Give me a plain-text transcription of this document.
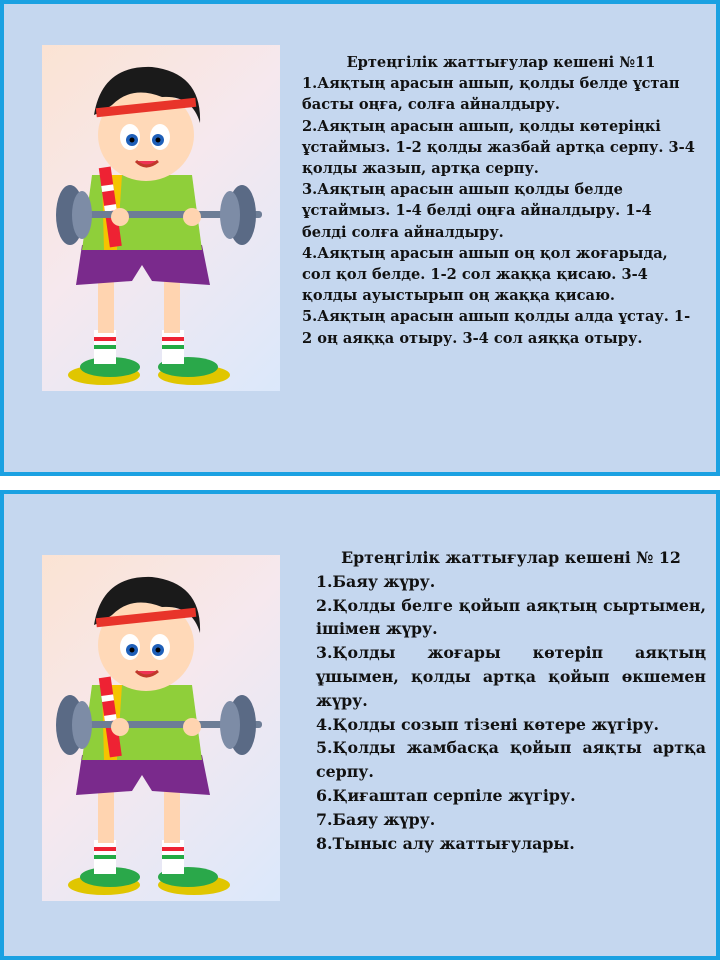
Ертеңгілік жаттығулар кешені №11
1.Аяқтың арасын ашып, қолды белде ұстап басты оңға, солға айналдыру.
2.Аяқтың арасын ашып, қолды көтеріңкі ұстаймыз. 1-2 қолды жазбай артқа серпу. 3-4 қолды жазып, артқа серпу.
3.Аяқтың арасын ашып қолды белде ұстаймыз. 1-4 белді оңға айналдыру. 1-4 белді солға айналдыру.
4.Аяқтың арасын ашып оң қол жоғарыда, сол қол белде. 1-2 сол жаққа қисаю. 3-4 қолды ауыстырып оң жаққа қисаю.
5.Аяқтың арасын ашып қолды алда ұстау. 1-2 оң аяққа отыру. 3-4 сол аяққа отыру.
Ертеңгілік жаттығулар кешені № 12
1.Баяу жүру.
2.Қолды белге қойып аяқтың сыртымен, ішімен жүру.
3.Қолды жоғары көтеріп аяқтың ұшымен, қолды артқа қойып өкшемен жүру.
4.Қолды созып тізені көтере жүгіру.
5.Қолды жамбасқа қойып аяқты артқа серпу.
6.Қиғаштап серпіле жүгіру.
7.Баяу жүру.
8.Тыныс алу жаттығулары.
